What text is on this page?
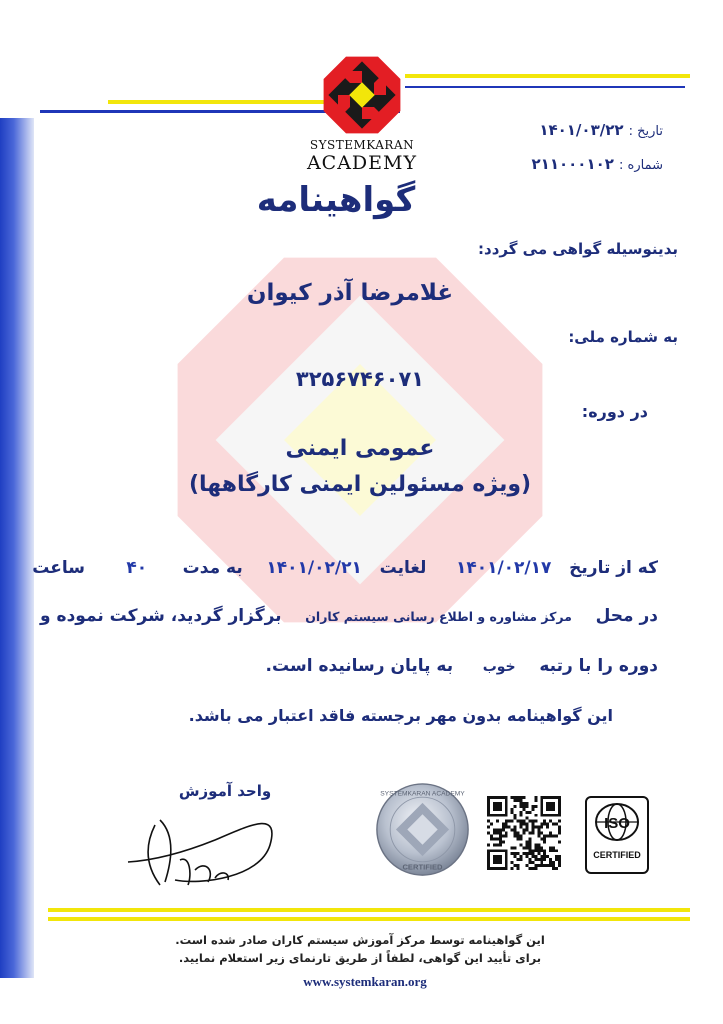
SYSTEMKARAN
ACADEMY
تاریخ : ۱۴۰۱/۰۳/۲۲
شماره : ۲۱۱۰۰۰۱۰۲
گواهینامه
بدینوسیله گواهی می گردد:
غلامرضا آذر کیوان
به شماره ملی:
۳۲۵۶۷۴۶۰۷۱
در دوره:
عمومی ایمنی
(ویژه مسئولین ایمنی کارگاهها)
که از تاریخ   ۱۴۰۱/۰۲/۱۷     لغایت   ۱۴۰۱/۰۲/۲۱    به مدت      ۴۰       ساعت
در محل    مرکز مشاوره و اطلاع رسانی سیستم کاران    برگزار گردید، شرکت نموده و
دوره را با رتبه    خوب     به پایان رسانیده است.
این گواهینامه بدون مهر برجسته فاقد اعتبار می باشد.
واحد آموزش	SYSTEMKARAN ACADEMY
CERTIFIED
ISO
CERTIFIED
این گواهینامه توسط مرکز آموزش سیستم کاران صادر شده است.
برای تأیید این گواهی، لطفاً از طریق تارنمای زیر استعلام نمایید.
www.systemkaran.org
